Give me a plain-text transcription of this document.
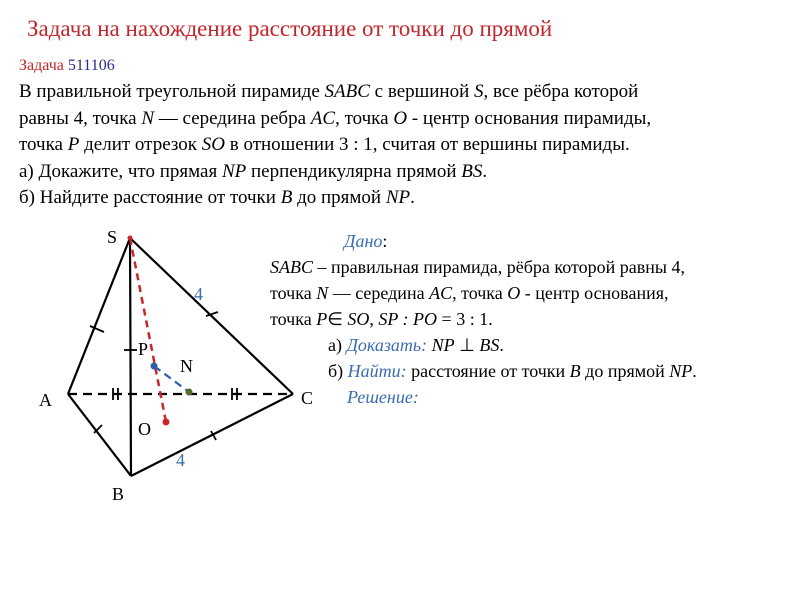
Задача на нахождение расстояние от точки до прямой
Задача 511106

В правильной треугольной пирамиде SABC с вершиной S, все рёбра которой

равны 4, точка N — середина ребра AC, точка O - центр основания пирамиды,

точка P делит отрезок SO в отношении 3 : 1, считая от вершины пирамиды.

а) Докажите, что прямая NP перпендикулярна прямой BS.

б) Найдите расстояние от точки B до прямой NP.

S
A
B
C
P
N
O
4
4

Дано:

SABC – правильная пирамида, рёбра которой равны 4,

точка N — середина AC, точка O - центр основания,

точка P∈ SO, SP : PO = 3 : 1.

а) Доказать: NP ⊥ BS.

б) Найти: расстояние от точки B до прямой NP.

Решение:
